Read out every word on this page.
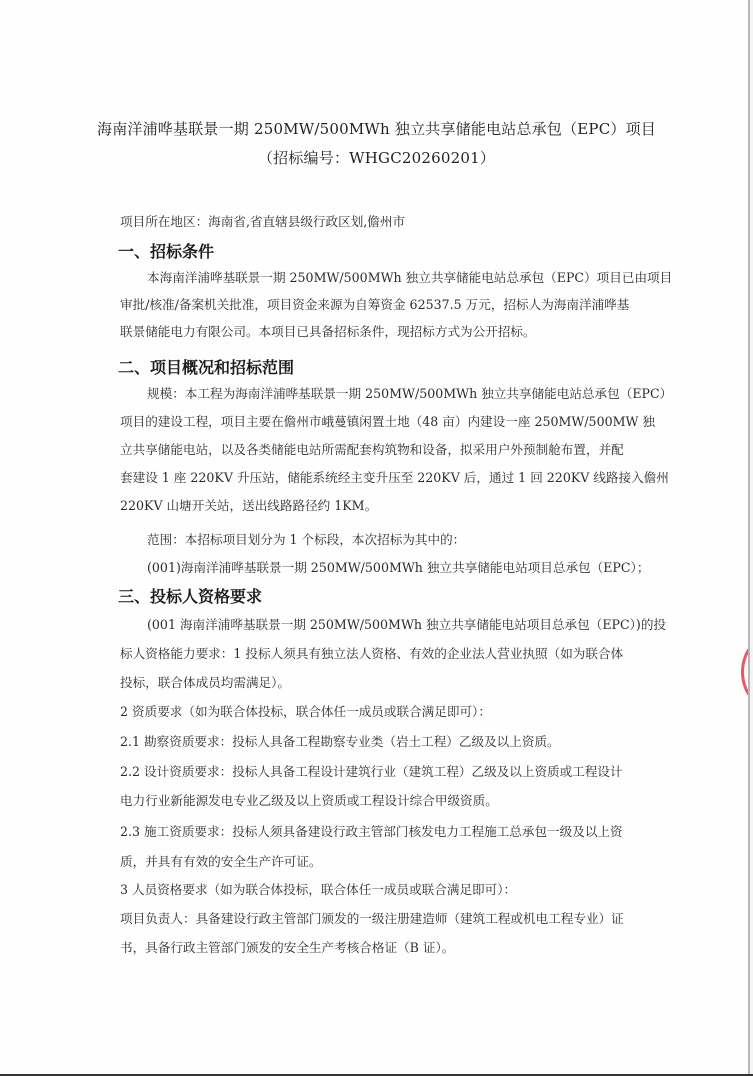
海南洋浦哗基联景一期 250MW/500MWh 独立共享储能电站总承包（EPC）项目
（招标编号：WHGC20260201）
项目所在地区：海南省,省直辖县级行政区划,儋州市
一、招标条件
本海南洋浦哗基联景一期 250MW/500MWh 独立共享储能电站总承包（EPC）项目已由项目
审批/核准/备案机关批准，项目资金来源为自筹资金 62537.5 万元，招标人为海南洋浦哗基
联景储能电力有限公司。本项目已具备招标条件，现招标方式为公开招标。
二、项目概况和招标范围
规模：本工程为海南洋浦哗基联景一期 250MW/500MWh 独立共享储能电站总承包（EPC）
项目的建设工程，项目主要在儋州市峨蔓镇闲置土地（48 亩）内建设一座 250MW/500MW 独
立共享储能电站，以及各类储能电站所需配套构筑物和设备，拟采用户外预制舱布置，并配
套建设 1 座 220KV 升压站，储能系统经主变升压至 220KV 后，通过 1 回 220KV 线路接入儋州
220KV 山塘开关站，送出线路路径约 1KM。
范围：本招标项目划分为 1 个标段，本次招标为其中的：
(001)海南洋浦哗基联景一期 250MW/500MWh 独立共享储能电站项目总承包（EPC）；
三、投标人资格要求
(001 海南洋浦哗基联景一期 250MW/500MWh 独立共享储能电站项目总承包（EPC）)的投
标人资格能力要求：1 投标人须具有独立法人资格、有效的企业法人营业执照（如为联合体
投标，联合体成员均需满足）。
2 资质要求（如为联合体投标，联合体任一成员或联合满足即可）：
2.1 勘察资质要求：投标人具备工程勘察专业类（岩土工程）乙级及以上资质。
2.2 设计资质要求：投标人具备工程设计建筑行业（建筑工程）乙级及以上资质或工程设计
电力行业新能源发电专业乙级及以上资质或工程设计综合甲级资质。
2.3 施工资质要求：投标人须具备建设行政主管部门核发电力工程施工总承包一级及以上资
质，并具有有效的安全生产许可证。
3 人员资格要求（如为联合体投标，联合体任一成员或联合满足即可）：
项目负责人：具备建设行政主管部门颁发的一级注册建造师（建筑工程或机电工程专业）证
书，具备行政主管部门颁发的安全生产考核合格证（B 证）。
